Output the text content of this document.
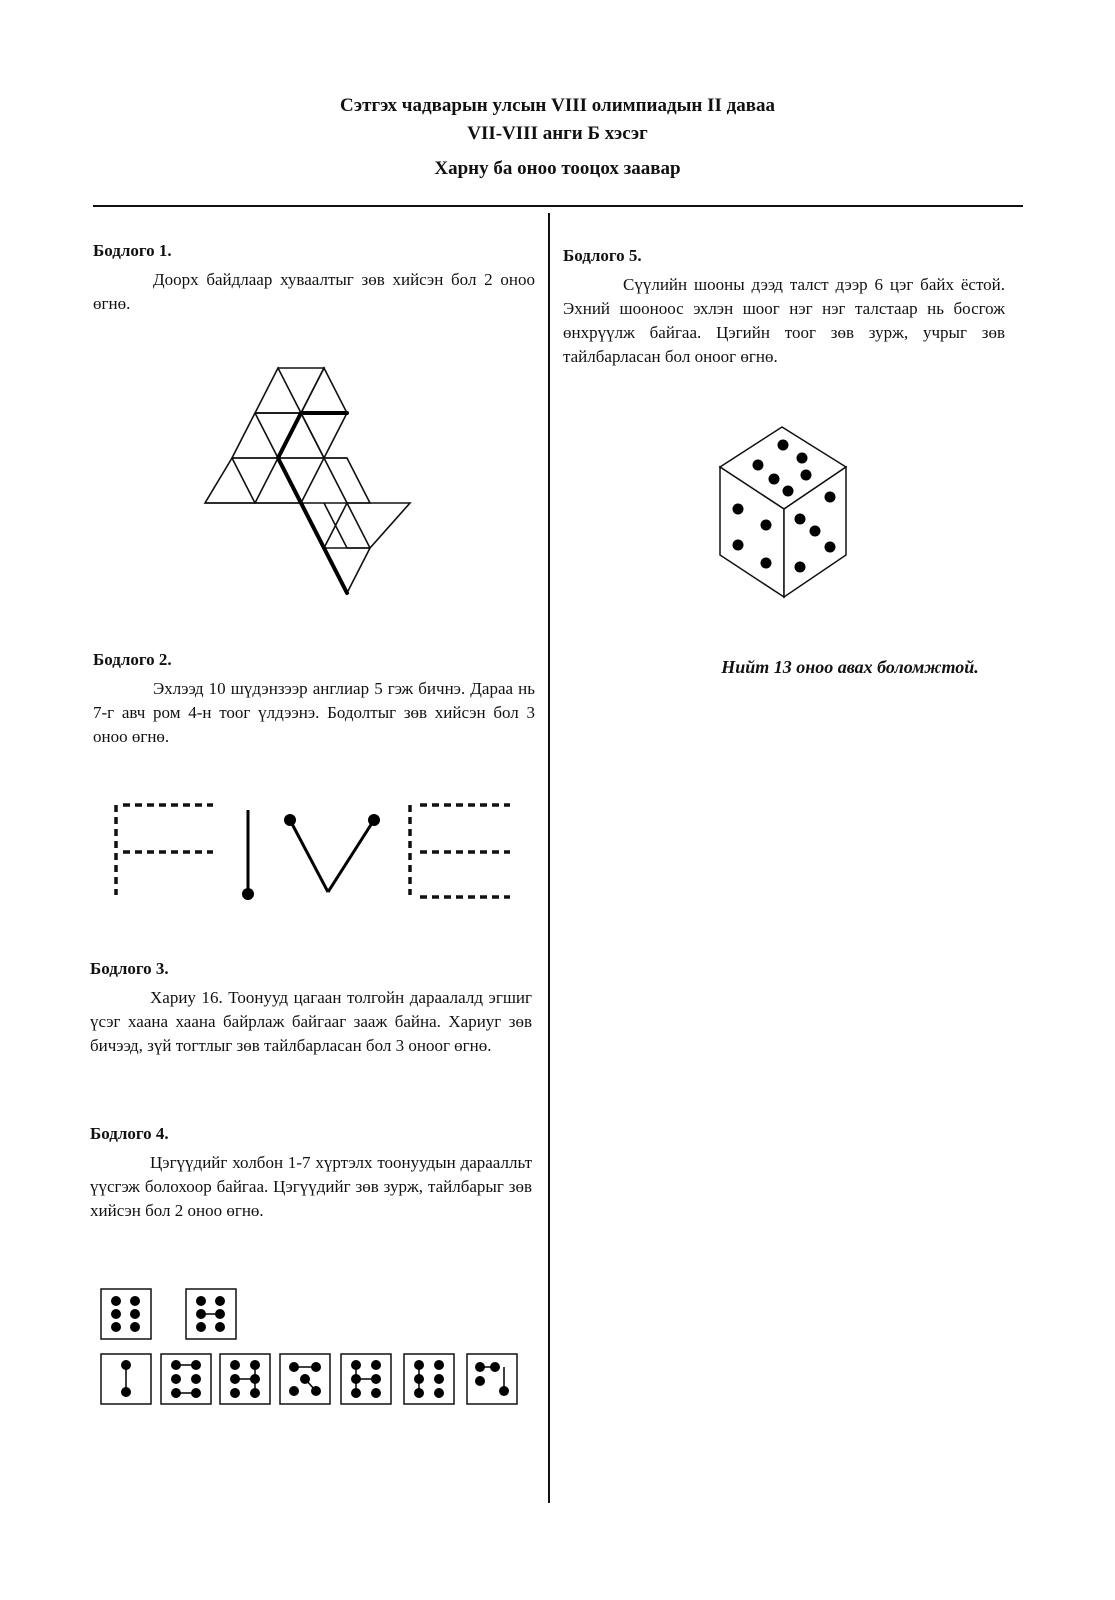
Сэтгэх чадварын улсын VIII олимпиадын II даваа
VII-VIII анги Б хэсэг
Харну ба оноо тооцох заавар
Бодлого 1.
Доорх байдлаар хуваалтыг зөв хийсэн бол 2 оноо өгнө.
Бодлого 2.
Эхлээд 10 шүдэнзээр англиар 5 гэж бичнэ. Дараа нь 7-г авч ром 4-н тоог үлдээнэ. Бодолтыг зөв хийсэн бол 3 оноо өгнө.
Бодлого 3.
Хариу 16. Тоонууд цагаан толгойн дараалалд эгшиг үсэг хаана хаана байрлаж байгааг зааж байна. Хариуг зөв бичээд, зүй тогтлыг зөв тайлбарласан бол 3 оноог өгнө.
Бодлого 4.
Цэгүүдийг холбон 1-7 хүртэлх тоонуудын дараалльт үүсгэж болохоор байгаа. Цэгүүдийг зөв зурж, тайлбарыг зөв хийсэн бол 2 оноо өгнө.
Бодлого 5.
Сүүлийн шооны дээд талст дээр 6 цэг байх ёстой. Эхний шооноос эхлэн шоог нэг нэг талстаар нь босгож өнхрүүлж байгаа. Цэгийн тоог зөв зурж, учрыг зөв тайлбарласан бол оноог өгнө.
Нийт 13 оноо авах боломжтой.
